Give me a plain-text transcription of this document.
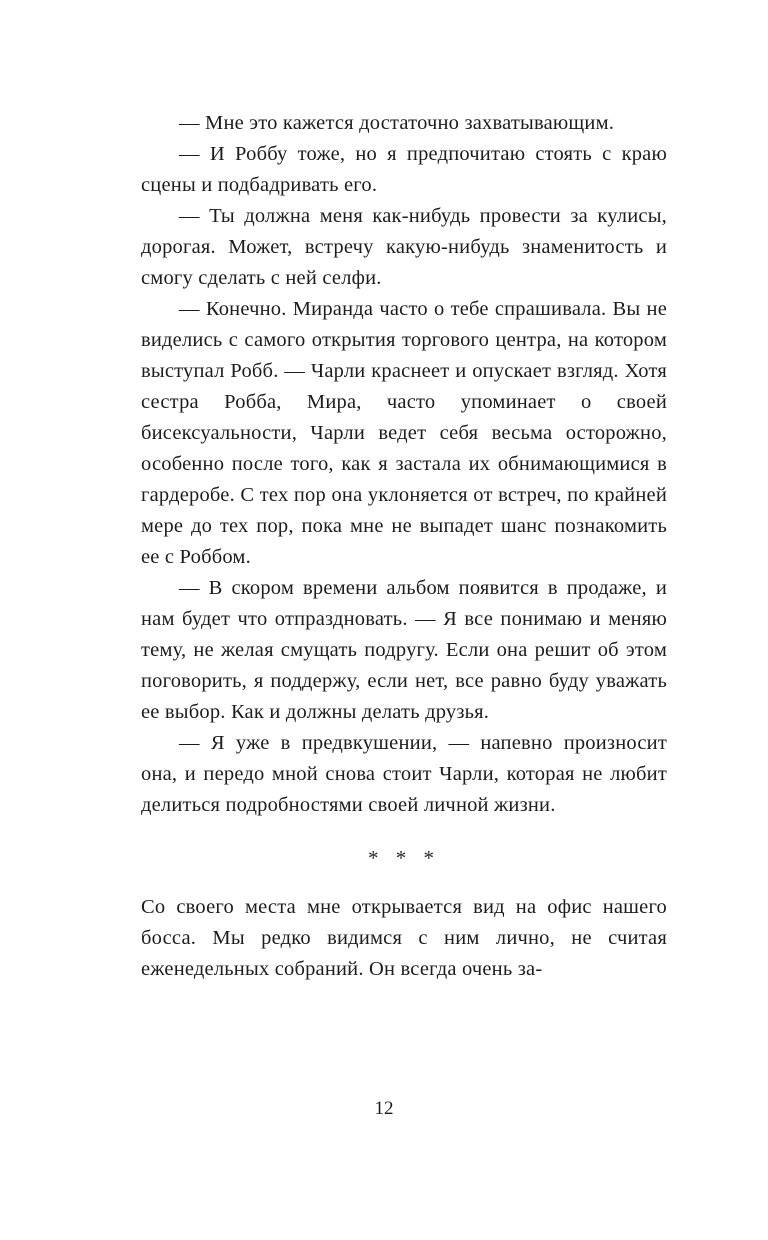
— Мне это кажется достаточно захватывающим.

— И Роббу тоже, но я предпочитаю стоять с краю сцены и подбадривать его.

— Ты должна меня как-нибудь провести за кулисы, дорогая. Может, встречу какую-нибудь знаменитость и смогу сделать с ней селфи.

— Конечно. Миранда часто о тебе спрашивала. Вы не виделись с самого открытия торгового центра, на котором выступал Робб. — Чарли краснеет и опускает взгляд. Хотя сестра Робба, Мира, часто упоминает о своей бисексуальности, Чарли ведет себя весьма осторожно, особенно после того, как я застала их обнимающимися в гардеробе. С тех пор она уклоняется от встреч, по крайней мере до тех пор, пока мне не выпадет шанс познакомить ее с Роббом.

— В скором времени альбом появится в продаже, и нам будет что отпраздновать. — Я все понимаю и меняю тему, не желая смущать подругу. Если она решит об этом поговорить, я поддержу, если нет, все равно буду уважать ее выбор. Как и должны делать друзья.

— Я уже в предвкушении, — напевно произносит она, и передо мной снова стоит Чарли, которая не любит делиться подробностями своей личной жизни.

* * *

Со своего места мне открывается вид на офис нашего босса. Мы редко видимся с ним лично, не считая еженедельных собраний. Он всегда очень за-

12
